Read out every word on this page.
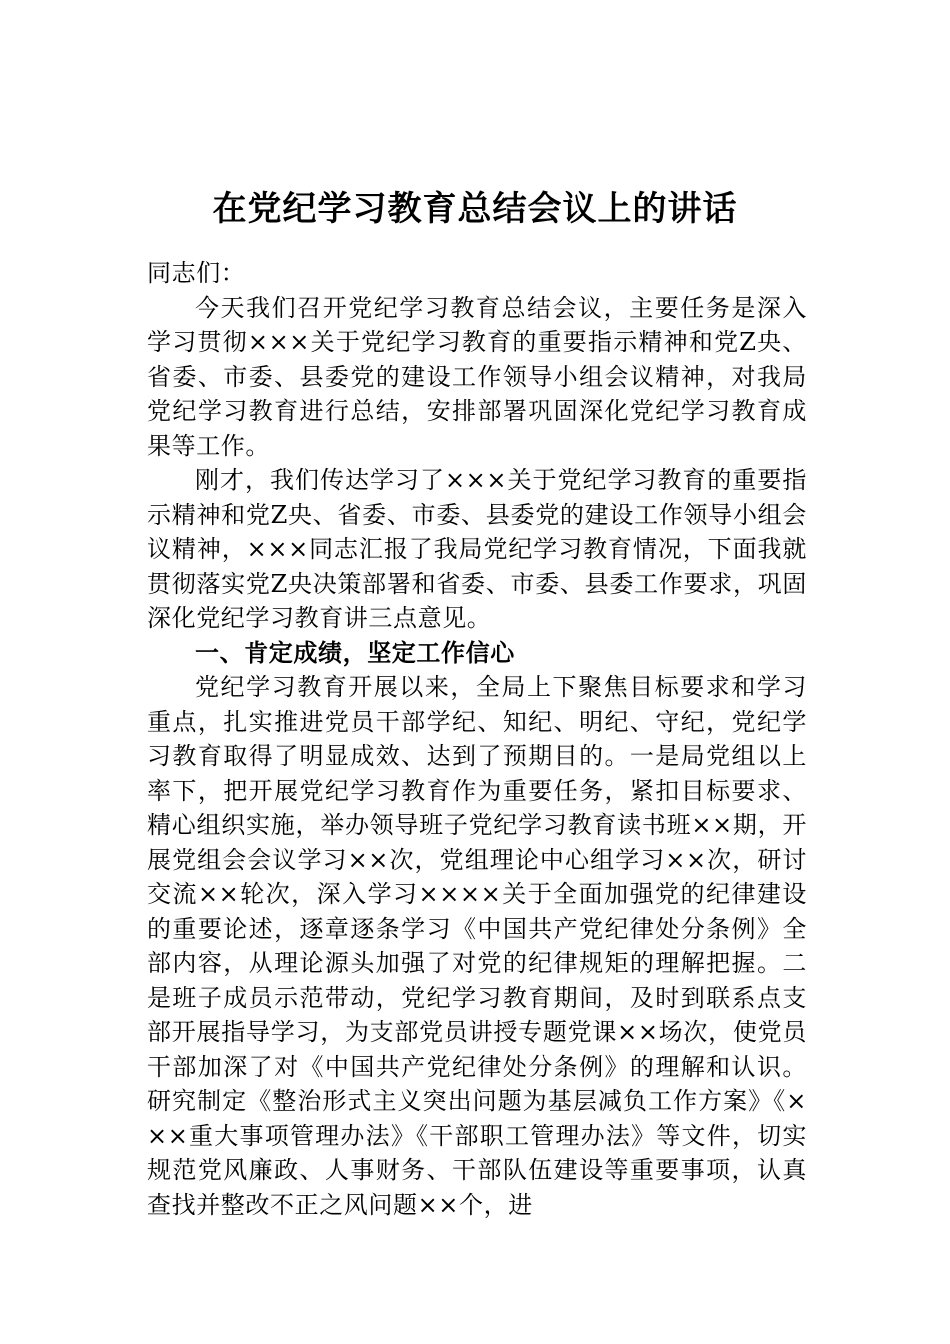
在党纪学习教育总结会议上的讲话

同志们：

今天我们召开党纪学习教育总结会议，主要任务是深入学习贯彻×××关于党纪学习教育的重要指示精神和党Z央、省委、市委、县委党的建设工作领导小组会议精神，对我局党纪学习教育进行总结，安排部署巩固深化党纪学习教育成果等工作。

刚才，我们传达学习了×××关于党纪学习教育的重要指示精神和党Z央、省委、市委、县委党的建设工作领导小组会议精神，×××同志汇报了我局党纪学习教育情况，下面我就贯彻落实党Z央决策部署和省委、市委、县委工作要求，巩固深化党纪学习教育讲三点意见。

一、肯定成绩，坚定工作信心

党纪学习教育开展以来，全局上下聚焦目标要求和学习重点，扎实推进党员干部学纪、知纪、明纪、守纪，党纪学习教育取得了明显成效、达到了预期目的。一是局党组以上率下，把开展党纪学习教育作为重要任务，紧扣目标要求、精心组织实施，举办领导班子党纪学习教育读书班××期，开展党组会会议学习××次，党组理论中心组学习××次，研讨交流××轮次，深入学习××××关于全面加强党的纪律建设的重要论述，逐章逐条学习《中国共产党纪律处分条例》全部内容，从理论源头加强了对党的纪律规矩的理解把握。二是班子成员示范带动，党纪学习教育期间，及时到联系点支部开展指导学习，为支部党员讲授专题党课××场次，使党员干部加深了对《中国共产党纪律处分条例》的理解和认识。研究制定《整治形式主义突出问题为基层减负工作方案》《×××重大事项管理办法》《干部职工管理办法》等文件，切实规范党风廉政、人事财务、干部队伍建设等重要事项，认真查找并整改不正之风问题××个，进
